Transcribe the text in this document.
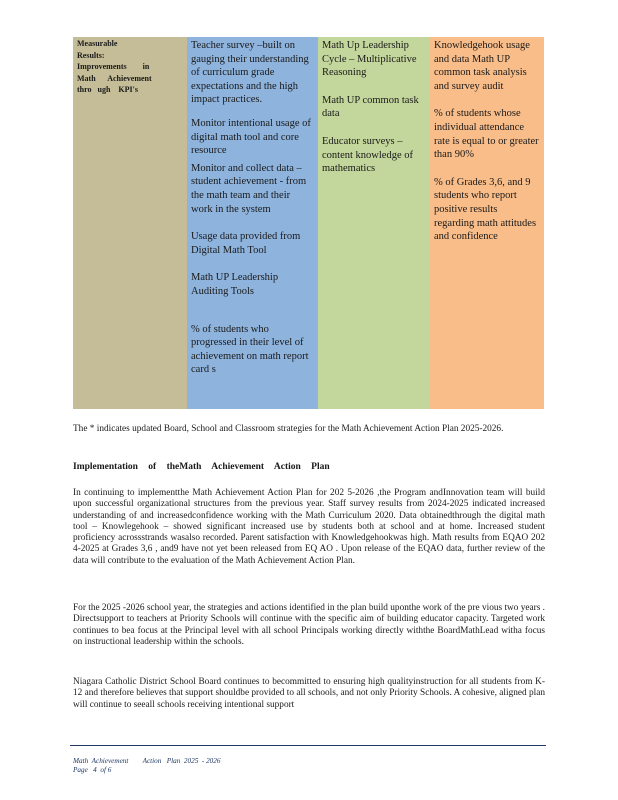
Measurable
Results:
Improvements        in
Math      Achievement
thro   ugh    KPI's

Teacher survey –built on gauging their understanding of curriculum grade expectations and the high impact practices.

Monitor intentional usage of digital math tool and core resource

Monitor and collect data –student achievement - from the math team and their work in the system

Usage data provided from Digital Math Tool

Math UP Leadership Auditing Tools

% of students who progressed in their level of achievement on math report card s

Math Up Leadership Cycle – Multiplicative Reasoning

Math UP common task data

Educator surveys – content knowledge of mathematics

Knowledgehook usage and data Math UP common task analysis and survey audit

% of students whose individual attendance rate is equal to or greater than 90%

% of Grades 3,6, and 9 students who report positive results regarding math attitudes and confidence

The * indicates updated Board, School and Classroom strategies for the Math Achievement Action Plan 2025-2026.
Implementation of theMath Achievement Action Plan
In continuing to implementthe Math Achievement Action Plan for 202 5-2026 ,the Program andInnovation team will build upon successful organizational structures from the previous year. Staff survey results from 2024-2025 indicated increased understanding of and increasedconfidence working with the Math Curriculum 2020. Data obtainedthrough the digital math tool – Knowlegehook – showed significant increased use by students both at school and at home. Increased student proficiency acrossstrands wasalso recorded. Parent satisfaction with Knowledgehookwas high. Math results from EQAO 202 4-2025 at Grades 3,6 , and9 have not yet been released from EQ AO . Upon release of the EQAO data, further review of the data will contribute to the evaluation of the Math Achievement Action Plan.
For the 2025 -2026 school year, the strategies and actions identified in the plan build uponthe work of the pre vious two years . Directsupport to teachers at Priority Schools will continue with the specific aim of building educator capacity. Targeted work continues to bea focus at the Principal level with all school Principals working directly withthe BoardMathLead witha focus on instructional leadership within the schools.
Niagara Catholic District School Board continues to becommitted to ensuring high qualityinstruction for all students from K-12 and therefore believes that support shouldbe provided to all schools, and not only Priority Schools. A cohesive, aligned plan will continue to seeall schools receiving intentional support
Math  Achievement        Action   Plan  2025  - 2026
Page   4  of 6
